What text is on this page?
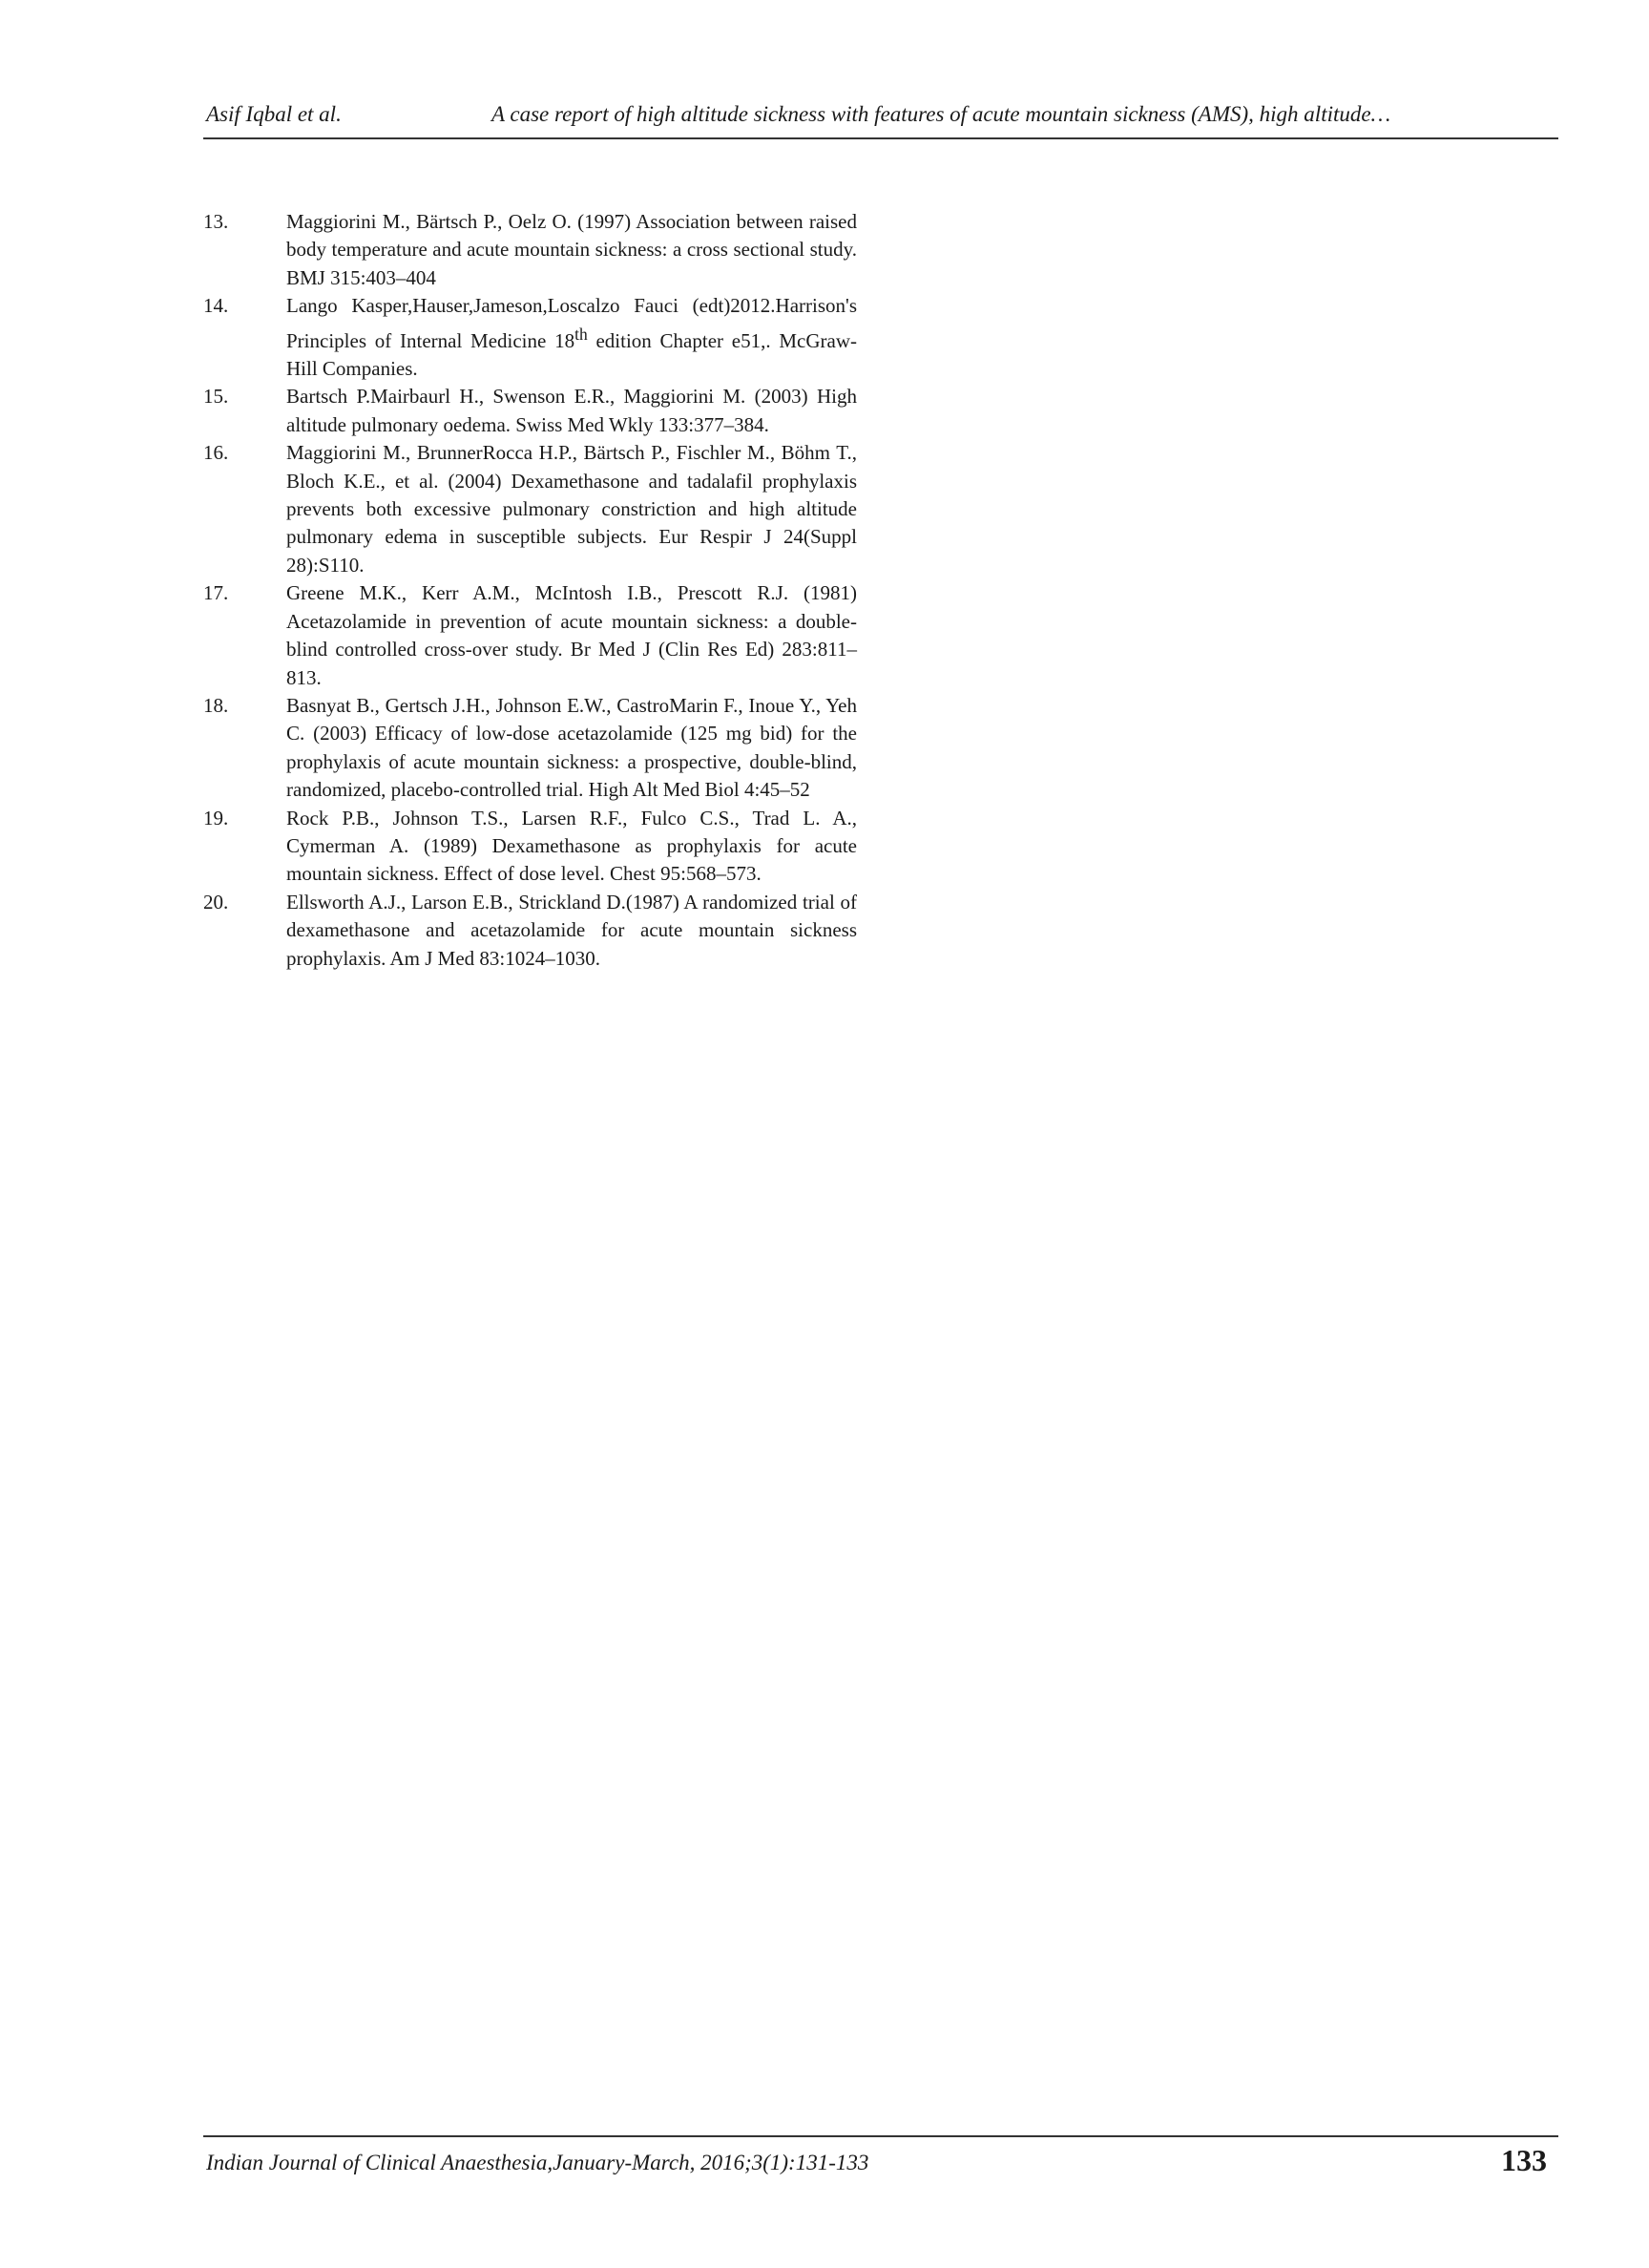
Asif Iqbal et al.	A case report of high altitude sickness with features of acute mountain sickness (AMS), high altitude…
13.	Maggiorini M., Bärtsch P., Oelz O. (1997) Association between raised body temperature and acute mountain sickness: a cross sectional study. BMJ 315:403–404
14.	Lango Kasper,Hauser,Jameson,Loscalzo Fauci (edt)2012.Harrison's Principles of Internal Medicine 18th edition Chapter e51,. McGraw-Hill Companies.
15.	Bartsch P.Mairbaurl H., Swenson E.R., Maggiorini M. (2003) High altitude pulmonary oedema. Swiss Med Wkly 133:377–384.
16.	Maggiorini M., BrunnerRocca H.P., Bärtsch P., Fischler M., Böhm T., Bloch K.E., et al. (2004) Dexamethasone and tadalafil prophylaxis prevents both excessive pulmonary constriction and high altitude pulmonary edema in susceptible subjects. Eur Respir J 24(Suppl 28):S110.
17.	Greene M.K., Kerr A.M., McIntosh I.B., Prescott R.J. (1981) Acetazolamide in prevention of acute mountain sickness: a double-blind controlled cross-over study. Br Med J (Clin Res Ed) 283:811–813.
18.	Basnyat B., Gertsch J.H., Johnson E.W., CastroMarin F., Inoue Y., Yeh C. (2003) Efficacy of low-dose acetazolamide (125 mg bid) for the prophylaxis of acute mountain sickness: a prospective, double-blind, randomized, placebo-controlled trial. High Alt Med Biol 4:45–52
19.	Rock P.B., Johnson T.S., Larsen R.F., Fulco C.S., Trad L. A., Cymerman A. (1989) Dexamethasone as prophylaxis for acute mountain sickness. Effect of dose level. Chest 95:568–573.
20.	Ellsworth A.J., Larson E.B., Strickland D.(1987) A randomized trial of dexamethasone and acetazolamide for acute mountain sickness prophylaxis. Am J Med 83:1024–1030.
Indian Journal of Clinical Anaesthesia,January-March, 2016;3(1):131-133	133
